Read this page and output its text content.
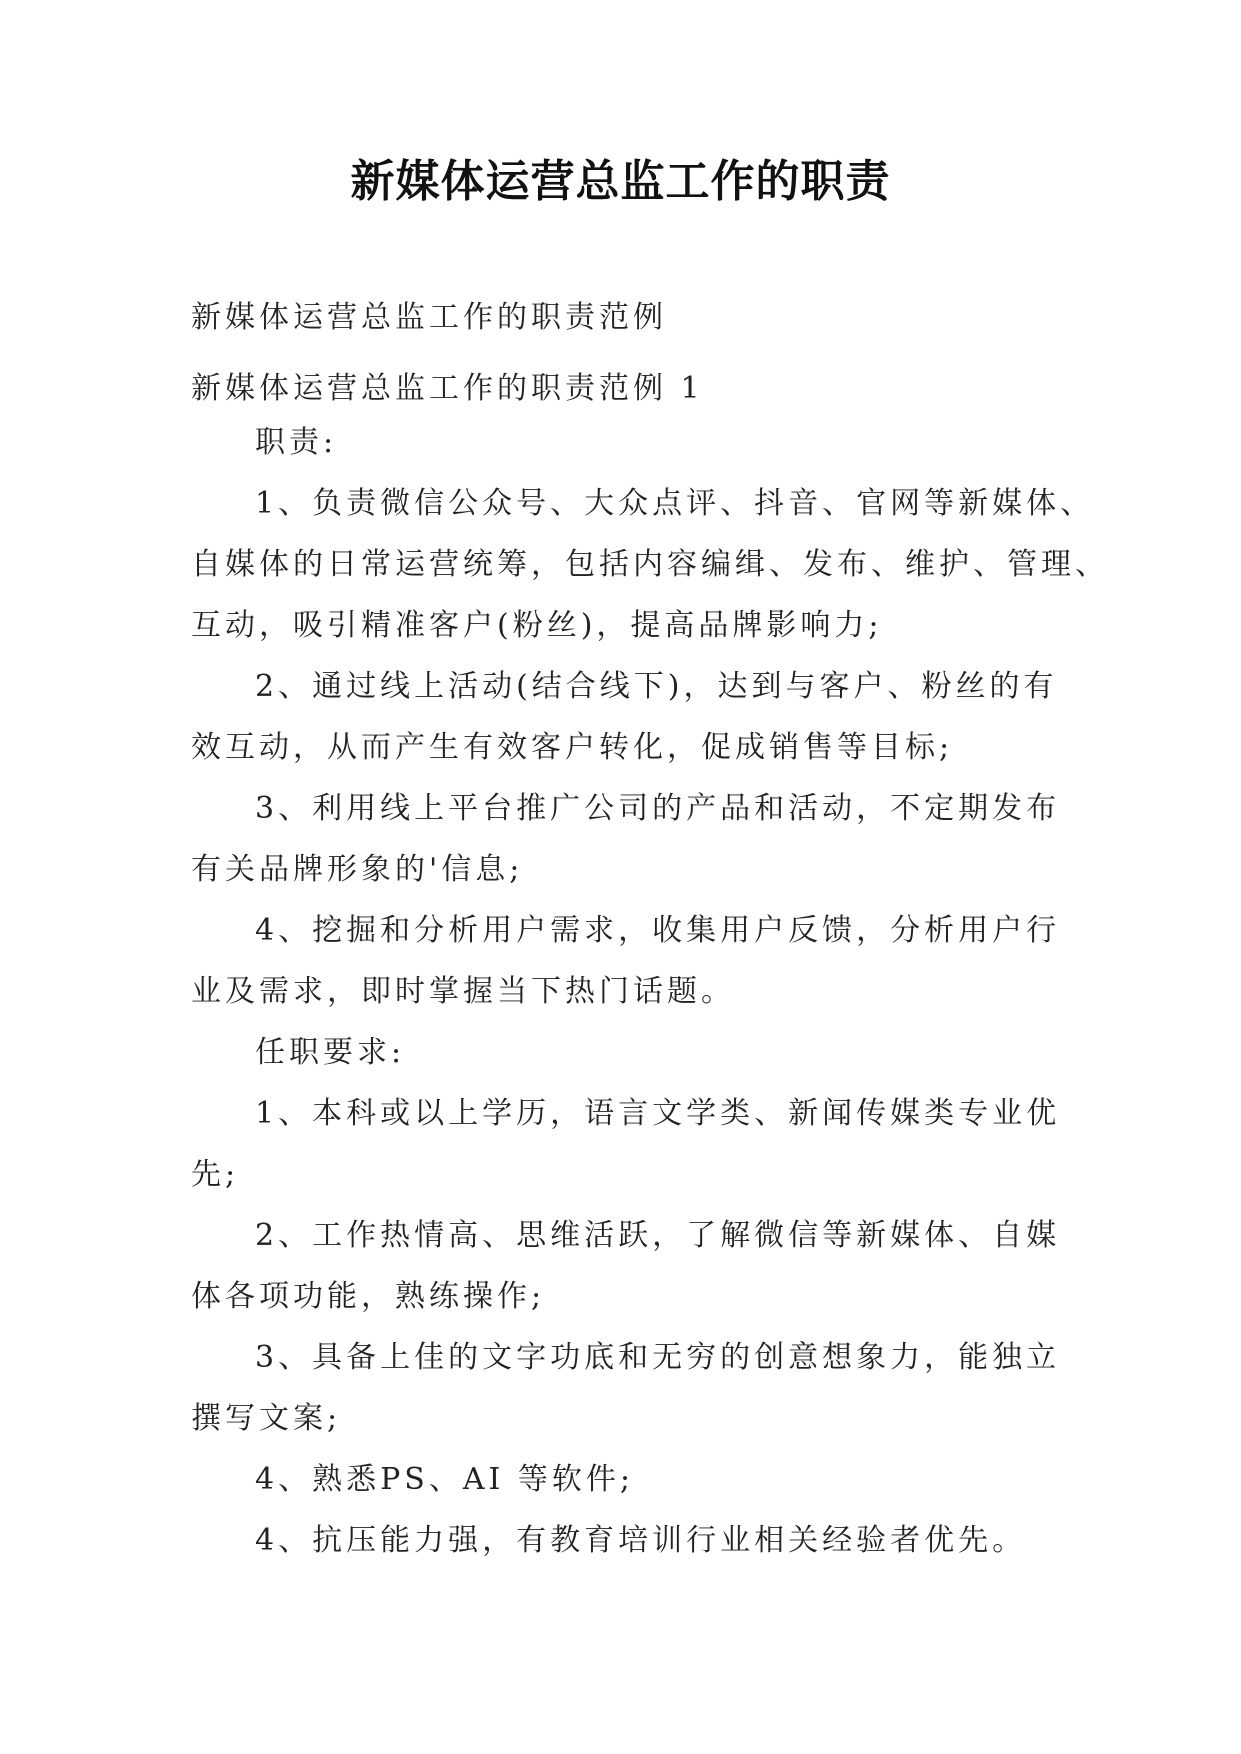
新媒体运营总监工作的职责
新媒体运营总监工作的职责范例
新媒体运营总监工作的职责范例 1
职责:
1、负责微信公众号、大众点评、抖音、官网等新媒体、
自媒体的日常运营统筹，包括内容编缉、发布、维护、管理、
互动，吸引精准客户(粉丝)，提高品牌影响力;
2、通过线上活动(结合线下)，达到与客户、粉丝的有
效互动，从而产生有效客户转化，促成销售等目标;
3、利用线上平台推广公司的产品和活动，不定期发布
有关品牌形象的'信息;
4、挖掘和分析用户需求，收集用户反馈，分析用户行
业及需求，即时掌握当下热门话题。
任职要求:
1、本科或以上学历，语言文学类、新闻传媒类专业优
先;
2、工作热情高、思维活跃，了解微信等新媒体、自媒
体各项功能，熟练操作;
3、具备上佳的文字功底和无穷的创意想象力，能独立
撰写文案;
4、熟悉PS、AI 等软件;
4、抗压能力强，有教育培训行业相关经验者优先。
